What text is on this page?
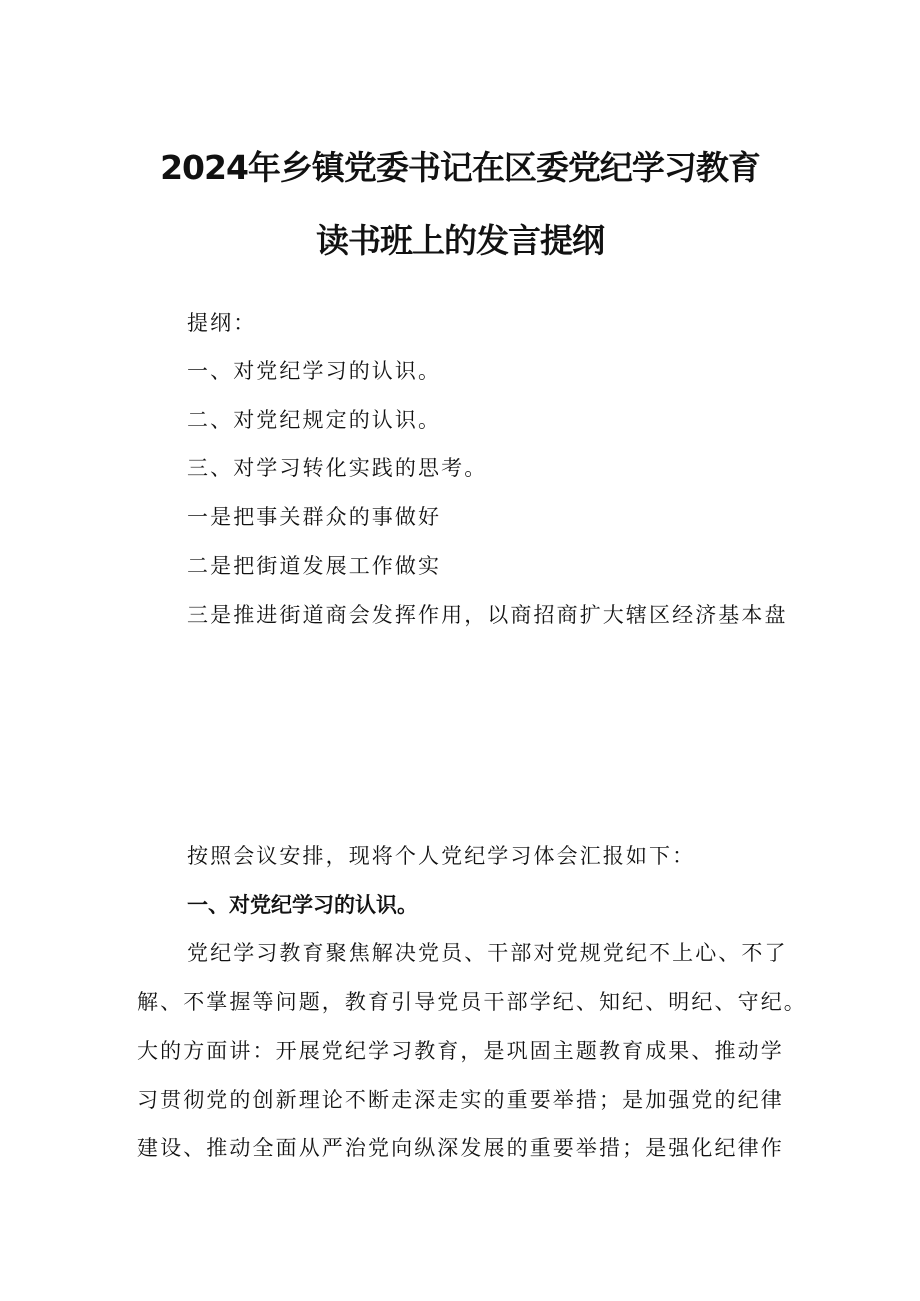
2024年乡镇党委书记在区委党纪学习教育
读书班上的发言提纲
提纲：
一、对党纪学习的认识。
二、对党纪规定的认识。
三、对学习转化实践的思考。
一是把事关群众的事做好
二是把街道发展工作做实
三是推进街道商会发挥作用，以商招商扩大辖区经济基本盘
按照会议安排，现将个人党纪学习体会汇报如下：
一、对党纪学习的认识。
党纪学习教育聚焦解决党员、干部对党规党纪不上心、不了
解、不掌握等问题，教育引导党员干部学纪、知纪、明纪、守纪。
大的方面讲：开展党纪学习教育，是巩固主题教育成果、推动学
习贯彻党的创新理论不断走深走实的重要举措；是加强党的纪律
建设、推动全面从严治党向纵深发展的重要举措；是强化纪律作
